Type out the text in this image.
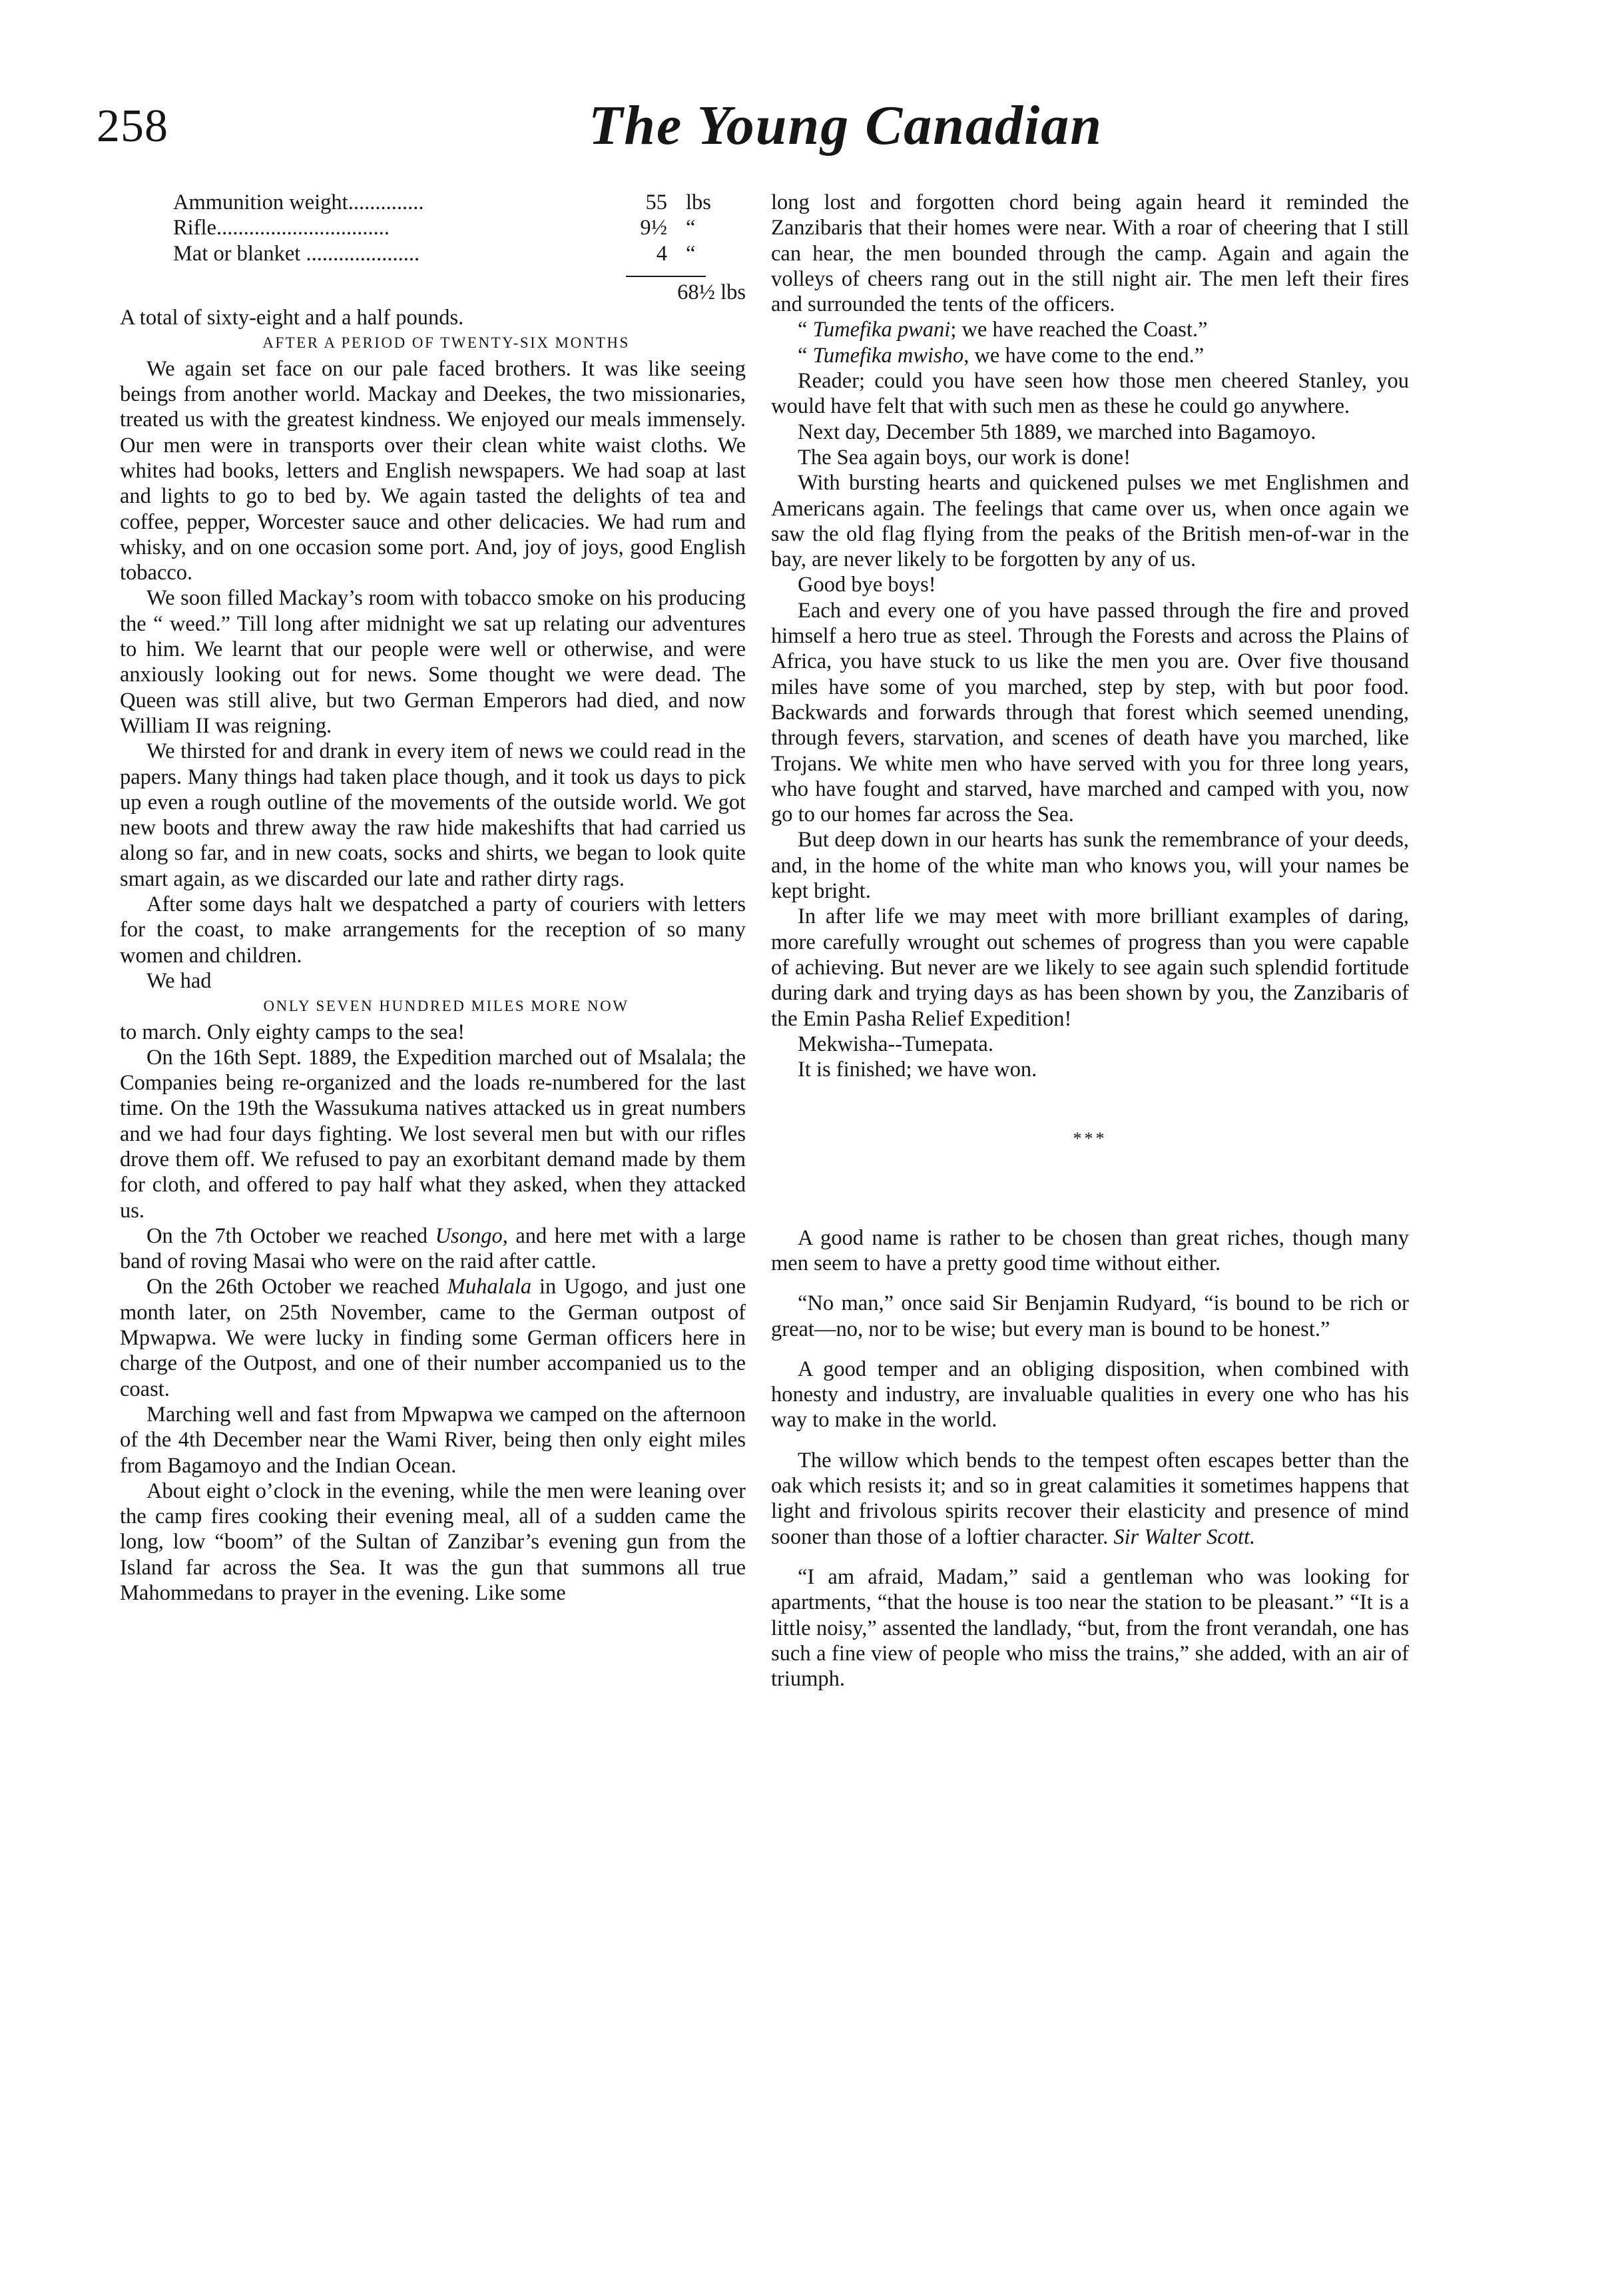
258	The Young Canadian
Ammunition weight..............	55 lbs
Rifle................................	9½ “
Mat or blanket .....................	4 “
68½ lbs

A total of sixty-eight and a half pounds.

AFTER A PERIOD OF TWENTY-SIX MONTHS

We again set face on our pale faced brothers. It was like seeing beings from another world. Mackay and Deekes, the two missionaries, treated us with the greatest kindness. We enjoyed our meals immensely. Our men were in transports over their clean white waist cloths. We whites had books, letters and English newspapers. We had soap at last and lights to go to bed by. We again tasted the delights of tea and coffee, pepper, Worcester sauce and other delicacies. We had rum and whisky, and on one occasion some port. And, joy of joys, good English tobacco.

We soon filled Mackay’s room with tobacco smoke on his producing the “ weed.” Till long after midnight we sat up relating our adventures to him. We learnt that our people were well or otherwise, and were anxiously looking out for news. Some thought we were dead. The Queen was still alive, but two German Emperors had died, and now William II was reigning.

We thirsted for and drank in every item of news we could read in the papers. Many things had taken place though, and it took us days to pick up even a rough outline of the movements of the outside world. We got new boots and threw away the raw hide makeshifts that had carried us along so far, and in new coats, socks and shirts, we began to look quite smart again, as we discarded our late and rather dirty rags.

After some days halt we despatched a party of couriers with letters for the coast, to make arrangements for the reception of so many women and children.

We had

ONLY SEVEN HUNDRED MILES MORE NOW

to march. Only eighty camps to the sea!

On the 16th Sept. 1889, the Expedition marched out of Msalala; the Companies being re-organized and the loads re-numbered for the last time. On the 19th the Wassukuma natives attacked us in great numbers and we had four days fighting. We lost several men but with our rifles drove them off. We refused to pay an exorbitant demand made by them for cloth, and offered to pay half what they asked, when they attacked us.

On the 7th October we reached Usongo, and here met with a large band of roving Masai who were on the raid after cattle.

On the 26th October we reached Muhalala in Ugogo, and just one month later, on 25th November, came to the German outpost of Mpwapwa. We were lucky in finding some German officers here in charge of the Outpost, and one of their number accompanied us to the coast.

Marching well and fast from Mpwapwa we camped on the afternoon of the 4th December near the Wami River, being then only eight miles from Bagamoyo and the Indian Ocean.

About eight o’clock in the evening, while the men were leaning over the camp fires cooking their evening meal, all of a sudden came the long, low “boom” of the Sultan of Zanzibar’s evening gun from the Island far across the Sea. It was the gun that summons all true Mahommedans to prayer in the evening. Like some

long lost and forgotten chord being again heard it reminded the Zanzibaris that their homes were near. With a roar of cheering that I still can hear, the men bounded through the camp. Again and again the volleys of cheers rang out in the still night air. The men left their fires and surrounded the tents of the officers.

“ Tumefika pwani; we have reached the Coast.”

“ Tumefika mwisho, we have come to the end.”

Reader; could you have seen how those men cheered Stanley, you would have felt that with such men as these he could go anywhere.

Next day, December 5th 1889, we marched into Bagamoyo.

The Sea again boys, our work is done!

With bursting hearts and quickened pulses we met Englishmen and Americans again. The feelings that came over us, when once again we saw the old flag flying from the peaks of the British men-of-war in the bay, are never likely to be forgotten by any of us.

Good bye boys!

Each and every one of you have passed through the fire and proved himself a hero true as steel. Through the Forests and across the Plains of Africa, you have stuck to us like the men you are. Over five thousand miles have some of you marched, step by step, with but poor food. Backwards and forwards through that forest which seemed unending, through fevers, starvation, and scenes of death have you marched, like Trojans. We white men who have served with you for three long years, who have fought and starved, have marched and camped with you, now go to our homes far across the Sea.

But deep down in our hearts has sunk the remembrance of your deeds, and, in the home of the white man who knows you, will your names be kept bright.

In after life we may meet with more brilliant examples of daring, more carefully wrought out schemes of progress than you were capable of achieving. But never are we likely to see again such splendid fortitude during dark and trying days as has been shown by you, the Zanzibaris of the Emin Pasha Relief Expedition!

Mekwisha--Tumepata.

It is finished; we have won.

***

A good name is rather to be chosen than great riches, though many men seem to have a pretty good time without either.

“No man,” once said Sir Benjamin Rudyard, “is bound to be rich or great—no, nor to be wise; but every man is bound to be honest.”

A good temper and an obliging disposition, when combined with honesty and industry, are invaluable qualities in every one who has his way to make in the world.

The willow which bends to the tempest often escapes better than the oak which resists it; and so in great calamities it sometimes happens that light and frivolous spirits recover their elasticity and presence of mind sooner than those of a loftier character. Sir Walter Scott.

“I am afraid, Madam,” said a gentleman who was looking for apartments, “that the house is too near the station to be pleasant.” “It is a little noisy,” assented the landlady, “but, from the front verandah, one has such a fine view of people who miss the trains,” she added, with an air of triumph.
